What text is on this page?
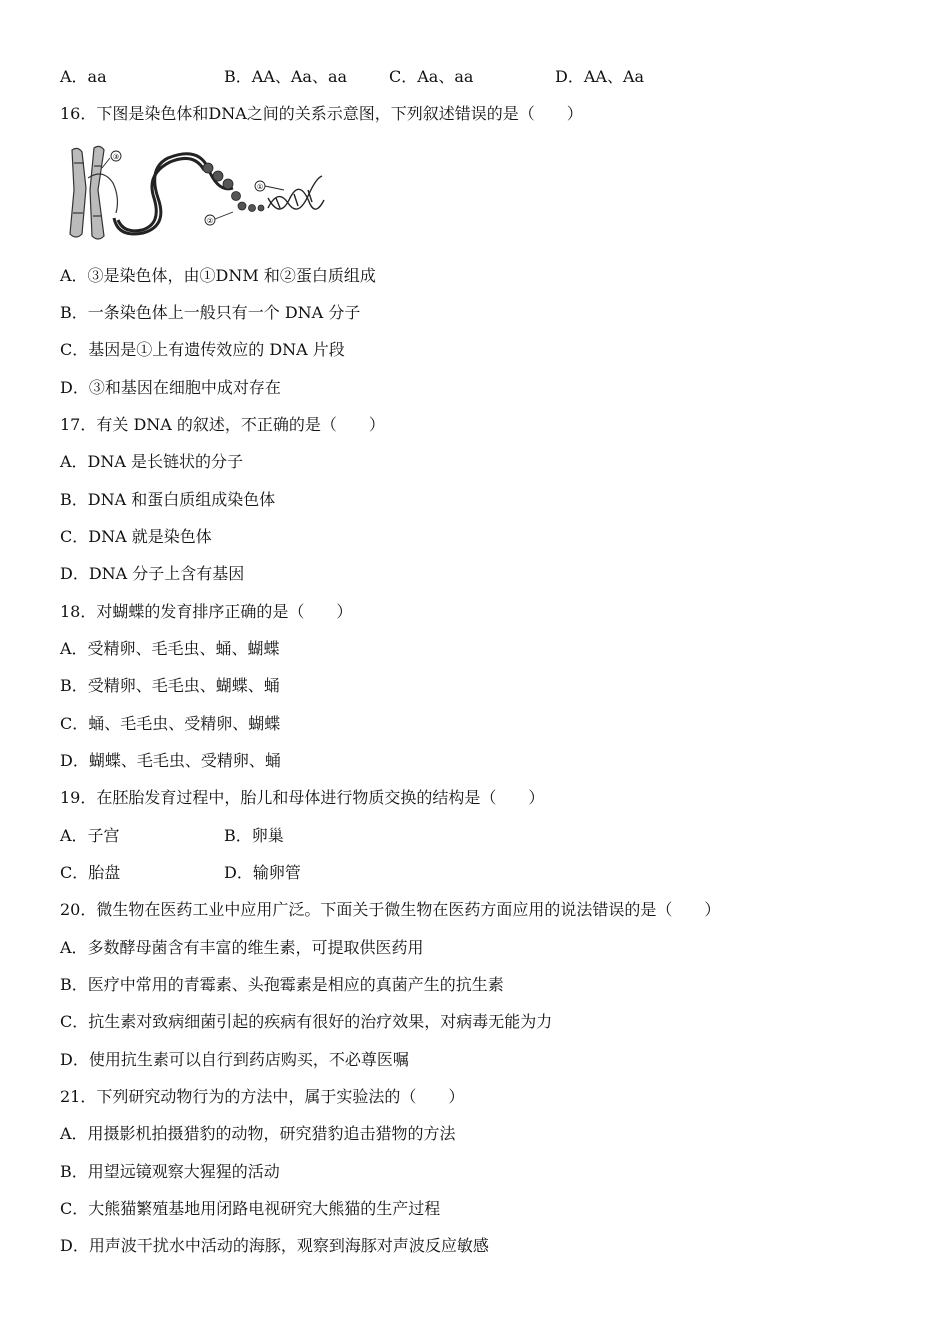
A．aa	B．AA、Aa、aa	C．Aa、aa	D．AA、Aa
16．下图是染色体和DNA之间的关系示意图，下列叙述错误的是（　　）
③
①
②
A．③是染色体，由①DNM 和②蛋白质组成
B．一条染色体上一般只有一个 DNA 分子
C．基因是①上有遗传效应的 DNA 片段
D．③和基因在细胞中成对存在
17．有关 DNA 的叙述，不正确的是（　　）
A．DNA 是长链状的分子
B．DNA 和蛋白质组成染色体
C．DNA 就是染色体
D．DNA 分子上含有基因
18．对蝴蝶的发育排序正确的是（　　）
A．受精卵、毛毛虫、蛹、蝴蝶
B．受精卵、毛毛虫、蝴蝶、蛹
C．蛹、毛毛虫、受精卵、蝴蝶
D．蝴蝶、毛毛虫、受精卵、蛹
19．在胚胎发育过程中，胎儿和母体进行物质交换的结构是（　　）
A．子宫	B．卵巢
C．胎盘	D．输卵管
20．微生物在医药工业中应用广泛。下面关于微生物在医药方面应用的说法错误的是（　　）
A．多数酵母菌含有丰富的维生素，可提取供医药用
B．医疗中常用的青霉素、头孢霉素是相应的真菌产生的抗生素
C．抗生素对致病细菌引起的疾病有很好的治疗效果，对病毒无能为力
D．使用抗生素可以自行到药店购买，不必尊医嘱
21．下列研究动物行为的方法中，属于实验法的（　　）
A．用摄影机拍摄猎豹的动物，研究猎豹追击猎物的方法
B．用望远镜观察大猩猩的活动
C．大熊猫繁殖基地用闭路电视研究大熊猫的生产过程
D．用声波干扰水中活动的海豚，观察到海豚对声波反应敏感
